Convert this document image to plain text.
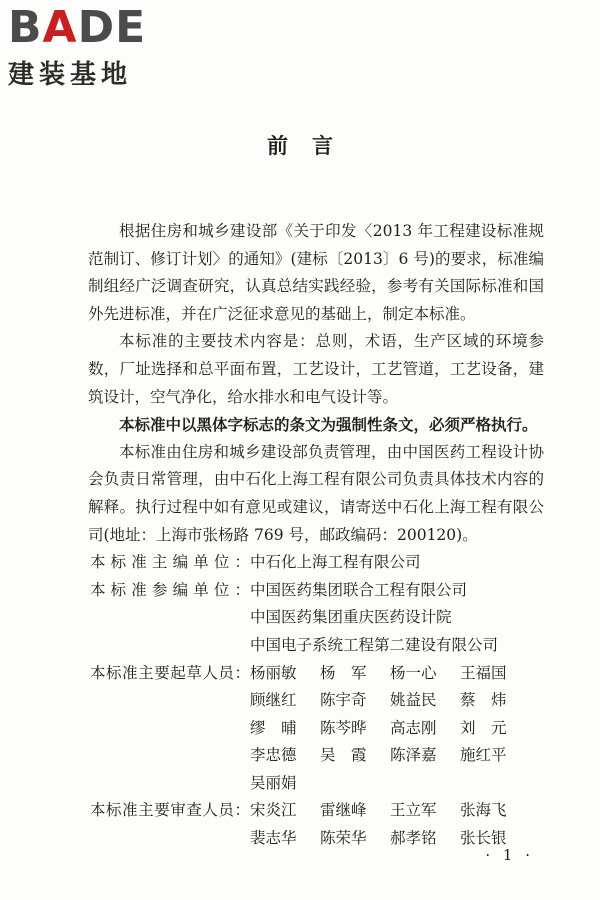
B A DE
建装基地
前言

根据住房和城乡建设部《关于印发〈2013 年工程建设标准规范制订、修订计划〉的通知》(建标〔2013〕6 号)的要求，标准编制组经广泛调查研究，认真总结实践经验，参考有关国际标准和国外先进标准，并在广泛征求意见的基础上，制定本标准。

本标准的主要技术内容是：总则，术语，生产区域的环境参数，厂址选择和总平面布置，工艺设计，工艺管道，工艺设备，建筑设计，空气净化，给水排水和电气设计等。

本标准中以黑体字标志的条文为强制性条文，必须严格执行。

本标准由住房和城乡建设部负责管理，由中国医药工程设计协会负责日常管理，由中石化上海工程有限公司负责具体技术内容的解释。执行过程中如有意见或建议，请寄送中石化上海工程有限公司(地址：上海市张杨路 769 号，邮政编码：200120)。

本标准主编单位： 中石化上海工程有限公司
本标准参编单位： 中国医药集团联合工程有限公司
中国医药集团重庆医药设计院
中国电子系统工程第二建设有限公司
本标准主要起草人员： 杨丽敏	杨　军	杨一心	王福国
顾继红	陈宇奇	姚益民	蔡　炜
缪　晡	陈芩晔	高志刚	刘　元
李忠德	吴　霞	陈泽嘉	施红平
吴丽娟
本标准主要审查人员： 宋炎江	雷继峰	王立军	张海飞
裴志华	陈荣华	郝孝铭	张长银
· 1 ·
